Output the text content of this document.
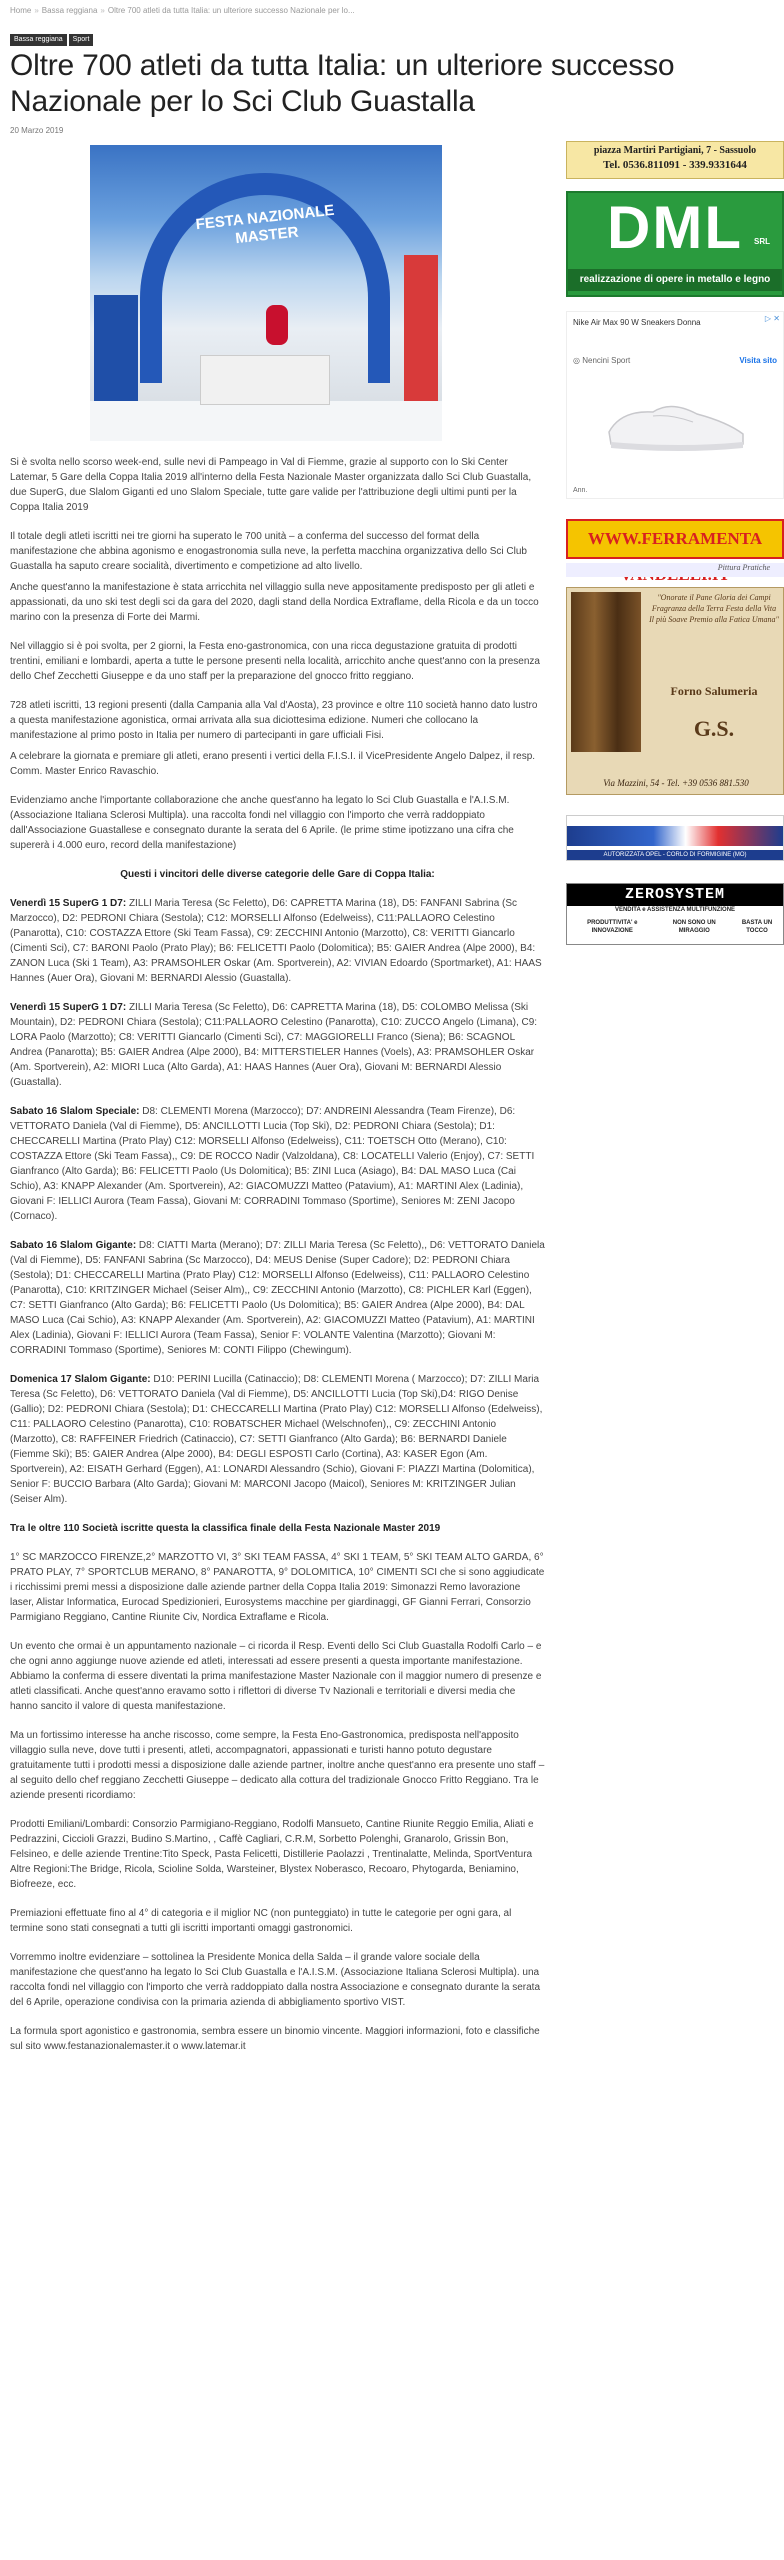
Home » Bassa reggiana » Oltre 700 atleti da tutta Italia: un ulteriore successo Nazionale per lo...
Bassa reggiana Sport
Oltre 700 atleti da tutta Italia: un ulteriore successo Nazionale per lo Sci Club Guastalla
20 Marzo 2019
FESTA NAZIONALE MASTER

Si è svolta nello scorso week-end, sulle nevi di Pampeago in Val di Fiemme, grazie al supporto con lo Ski Center Latemar, 5 Gare della Coppa Italia 2019 all'interno della Festa Nazionale Master organizzata dallo Sci Club Guastalla, due SuperG, due Slalom Giganti ed uno Slalom Speciale, tutte gare valide per l'attribuzione degli ultimi punti per la Coppa Italia 2019

Il totale degli atleti iscritti nei tre giorni ha superato le 700 unità – a conferma del successo del format della manifestazione che abbina agonismo e enogastronomia sulla neve, la perfetta macchina organizzativa dello Sci Club Guastalla ha saputo creare socialità, divertimento e competizione ad alto livello.

Anche quest'anno la manifestazione è stata arricchita nel villaggio sulla neve appositamente predisposto per gli atleti e appassionati, da uno ski test degli sci da gara del 2020, dagli stand della Nordica Extraflame, della Ricola e da un tocco marino con la presenza di Forte dei Marmi.

Nel villaggio si è poi svolta, per 2 giorni, la Festa eno-gastronomica, con una ricca degustazione gratuita di prodotti trentini, emiliani e lombardi, aperta a tutte le persone presenti nella località, arricchito anche quest'anno con la presenza dello Chef Zecchetti Giuseppe e da uno staff per la preparazione del gnocco fritto reggiano.

728 atleti iscritti, 13 regioni presenti (dalla Campania alla Val d'Aosta), 23 province e oltre 110 società hanno dato lustro a questa manifestazione agonistica, ormai arrivata alla sua diciottesima edizione. Numeri che collocano la manifestazione al primo posto in Italia per numero di partecipanti in gare ufficiali Fisi.

A celebrare la giornata e premiare gli atleti, erano presenti i vertici della F.I.S.I. il VicePresidente Angelo Dalpez, il resp. Comm. Master Enrico Ravaschio.

Evidenziamo anche l'importante collaborazione che anche quest'anno ha legato lo Sci Club Guastalla e l'A.I.S.M. (Associazione Italiana Sclerosi Multipla). una raccolta fondi nel villaggio con l'importo che verrà raddoppiato dall'Associazione Guastallese e consegnato durante la serata del 6 Aprile. (le prime stime ipotizzano una cifra che supererà i 4.000 euro, record della manifestazione)

Questi i vincitori delle diverse categorie delle Gare di Coppa Italia:

Venerdì 15 SuperG 1 D7: ZILLI Maria Teresa (Sc Feletto), D6: CAPRETTA Marina (18), D5: FANFANI Sabrina (Sc Marzocco), D2: PEDRONI Chiara (Sestola); C12: MORSELLI Alfonso (Edelweiss), C11:PALLAORO Celestino (Panarotta), C10: COSTAZZA Ettore (Ski Team Fassa), C9: ZECCHINI Antonio (Marzotto), C8: VERITTI Giancarlo (Cimenti Sci), C7: BARONI Paolo (Prato Play); B6: FELICETTI Paolo (Dolomitica); B5: GAIER Andrea (Alpe 2000), B4: ZANON Luca (Ski 1 Team), A3: PRAMSOHLER Oskar (Am. Sportverein), A2: VIVIAN Edoardo (Sportmarket), A1: HAAS Hannes (Auer Ora), Giovani M: BERNARDI Alessio (Guastalla).

Venerdì 15 SuperG 1 D7: ZILLI Maria Teresa (Sc Feletto), D6: CAPRETTA Marina (18), D5: COLOMBO Melissa (Ski Mountain), D2: PEDRONI Chiara (Sestola); C11:PALLAORO Celestino (Panarotta), C10: ZUCCO Angelo (Limana), C9: LORA Paolo (Marzotto); C8: VERITTI Giancarlo (Cimenti Sci), C7: MAGGIORELLI Franco (Siena); B6: SCAGNOL Andrea (Panarotta); B5: GAIER Andrea (Alpe 2000), B4: MITTERSTIELER Hannes (Voels), A3: PRAMSOHLER Oskar (Am. Sportverein), A2: MIORI Luca (Alto Garda), A1: HAAS Hannes (Auer Ora), Giovani M: BERNARDI Alessio (Guastalla).

Sabato 16 Slalom Speciale: D8: CLEMENTI Morena (Marzocco); D7: ANDREINI Alessandra (Team Firenze), D6: VETTORATO Daniela (Val di Fiemme), D5: ANCILLOTTI Lucia (Top Ski), D2: PEDRONI Chiara (Sestola); D1: CHECCARELLI Martina (Prato Play) C12: MORSELLI Alfonso (Edelweiss), C11: TOETSCH Otto (Merano), C10: COSTAZZA Ettore (Ski Team Fassa),, C9: DE ROCCO Nadir (Valzoldana), C8: LOCATELLI Valerio (Enjoy), C7: SETTI Gianfranco (Alto Garda); B6: FELICETTI Paolo (Us Dolomitica); B5: ZINI Luca (Asiago), B4: DAL MASO Luca (Cai Schio), A3: KNAPP Alexander (Am. Sportverein), A2: GIACOMUZZI Matteo (Patavium), A1: MARTINI Alex (Ladinia), Giovani F: IELLICI Aurora (Team Fassa), Giovani M: CORRADINI Tommaso (Sportime), Seniores M: ZENI Jacopo (Cornaco).

Sabato 16 Slalom Gigante: D8: CIATTI Marta (Merano); D7: ZILLI Maria Teresa (Sc Feletto),, D6: VETTORATO Daniela (Val di Fiemme), D5: FANFANI Sabrina (Sc Marzocco), D4: MEUS Denise (Super Cadore); D2: PEDRONI Chiara (Sestola); D1: CHECCARELLI Martina (Prato Play) C12: MORSELLI Alfonso (Edelweiss), C11: PALLAORO Celestino (Panarotta), C10: KRITZINGER Michael (Seiser Alm),, C9: ZECCHINI Antonio (Marzotto), C8: PICHLER Karl (Eggen), C7: SETTI Gianfranco (Alto Garda); B6: FELICETTI Paolo (Us Dolomitica); B5: GAIER Andrea (Alpe 2000), B4: DAL MASO Luca (Cai Schio), A3: KNAPP Alexander (Am. Sportverein), A2: GIACOMUZZI Matteo (Patavium), A1: MARTINI Alex (Ladinia), Giovani F: IELLICI Aurora (Team Fassa), Senior F: VOLANTE Valentina (Marzotto); Giovani M: CORRADINI Tommaso (Sportime), Seniores M: CONTI Filippo (Chewingum).

Domenica 17 Slalom Gigante: D10: PERINI Lucilla (Catinaccio); D8: CLEMENTI Morena ( Marzocco); D7: ZILLI Maria Teresa (Sc Feletto), D6: VETTORATO Daniela (Val di Fiemme), D5: ANCILLOTTI Lucia (Top Ski),D4: RIGO Denise (Gallio); D2: PEDRONI Chiara (Sestola); D1: CHECCARELLI Martina (Prato Play) C12: MORSELLI Alfonso (Edelweiss), C11: PALLAORO Celestino (Panarotta), C10: ROBATSCHER Michael (Welschnofen),, C9: ZECCHINI Antonio (Marzotto), C8: RAFFEINER Friedrich (Catinaccio), C7: SETTI Gianfranco (Alto Garda); B6: BERNARDI Daniele (Fiemme Ski); B5: GAIER Andrea (Alpe 2000), B4: DEGLI ESPOSTI Carlo (Cortina), A3: KASER Egon (Am. Sportverein), A2: EISATH Gerhard (Eggen), A1: LONARDI Alessandro (Schio), Giovani F: PIAZZI Martina (Dolomitica), Senior F: BUCCIO Barbara (Alto Garda); Giovani M: MARCONI Jacopo (Maicol), Seniores M: KRITZINGER Julian (Seiser Alm).

Tra le oltre 110 Società iscritte questa la classifica finale della Festa Nazionale Master 2019

1° SC MARZOCCO FIRENZE,2° MARZOTTO VI, 3° SKI TEAM FASSA, 4° SKI 1 TEAM, 5° SKI TEAM ALTO GARDA, 6° PRATO PLAY, 7° SPORTCLUB MERANO, 8° PANAROTTA, 9° DOLOMITICA, 10° CIMENTI SCI che si sono aggiudicate i ricchissimi premi messi a disposizione dalle aziende partner della Coppa Italia 2019: Simonazzi Remo lavorazione laser, Alistar Informatica, Eurocad Spedizionieri, Eurosystems macchine per giardinaggi, GF Gianni Ferrari, Consorzio Parmigiano Reggiano, Cantine Riunite Civ, Nordica Extraflame e Ricola.

Un evento che ormai è un appuntamento nazionale – ci ricorda il Resp. Eventi dello Sci Club Guastalla Rodolfi Carlo – e che ogni anno aggiunge nuove aziende ed atleti, interessati ad essere presenti a questa importante manifestazione. Abbiamo la conferma di essere diventati la prima manifestazione Master Nazionale con il maggior numero di presenze e atleti classificati. Anche quest'anno eravamo sotto i riflettori di diverse Tv Nazionali e territoriali e diversi media che hanno sancito il valore di questa manifestazione.

Ma un fortissimo interesse ha anche riscosso, come sempre, la Festa Eno-Gastronomica, predisposta nell'apposito villaggio sulla neve, dove tutti i presenti, atleti, accompagnatori, appassionati e turisti hanno potuto degustare gratuitamente tutti i prodotti messi a disposizione dalle aziende partner, inoltre anche quest'anno era presente uno staff – al seguito dello chef reggiano Zecchetti Giuseppe – dedicato alla cottura del tradizionale Gnocco Fritto Reggiano. Tra le aziende presenti ricordiamo:

Prodotti Emiliani/Lombardi: Consorzio Parmigiano-Reggiano, Rodolfi Mansueto, Cantine Riunite Reggio Emilia, Aliati e Pedrazzini, Ciccioli Grazzi, Budino S.Martino, , Caffè Cagliari, C.R.M, Sorbetto Polenghi, Granarolo, Grissin Bon, Felsineo, e delle aziende Trentine:Tito Speck, Pasta Felicetti, Distillerie Paolazzi , Trentinalatte, Melinda, SportVentura Altre Regioni:The Bridge, Ricola, Scioline Solda, Warsteiner, Blystex Noberasco, Recoaro, Phytogarda, Beniamino, Biofreeze, ecc.

Premiazioni effettuate fino al 4° di categoria e il miglior NC (non punteggiato) in tutte le categorie per ogni gara, al termine sono stati consegnati a tutti gli iscritti importanti omaggi gastronomici.

Vorremmo inoltre evidenziare – sottolinea la Presidente Monica della Salda – il grande valore sociale della manifestazione che quest'anno ha legato lo Sci Club Guastalla e l'A.I.S.M. (Associazione Italiana Sclerosi Multipla). una raccolta fondi nel villaggio con l'importo che verrà raddoppiato dalla nostra Associazione e consegnato durante la serata del 6 Aprile, operazione condivisa con la primaria azienda di abbigliamento sportivo VIST.

La formula sport agonistico e gastronomia, sembra essere un binomio vincente. Maggiori informazioni, foto e classifiche sul sito www.festanazionalemaster.it o www.latemar.it

piazza Martiri Partigiani, 7 - Sassuolo
Tel. 0536.811091 - 339.9331644
DML	SRL
realizzazione di opere in metallo e legno
Nike Air Max 90 W Sneakers Donna	▷ ✕
◎ Nencini Sport	Visita sito
Ann.
WWW.FERRAMENTA
Pittura Pratiche
"Onorate il Pane Gloria dei Campi Fragranza della Terra Festa della Vita Il più Soave Premio alla Fatica Umana"
Forno Salumeria
G.S.
Via Mazzini, 54 - Tel. +39 0536 881.530
AUTORIZZATA OPEL - CORLO DI FORMIGINE (MO)
ZEROSYSTEM
VENDITA e ASSISTENZA MULTIFUNZIONE
PRODUTTIVITA' e INNOVAZIONE
NON SONO UN MIRAGGIO
BASTA UN TOCCO
